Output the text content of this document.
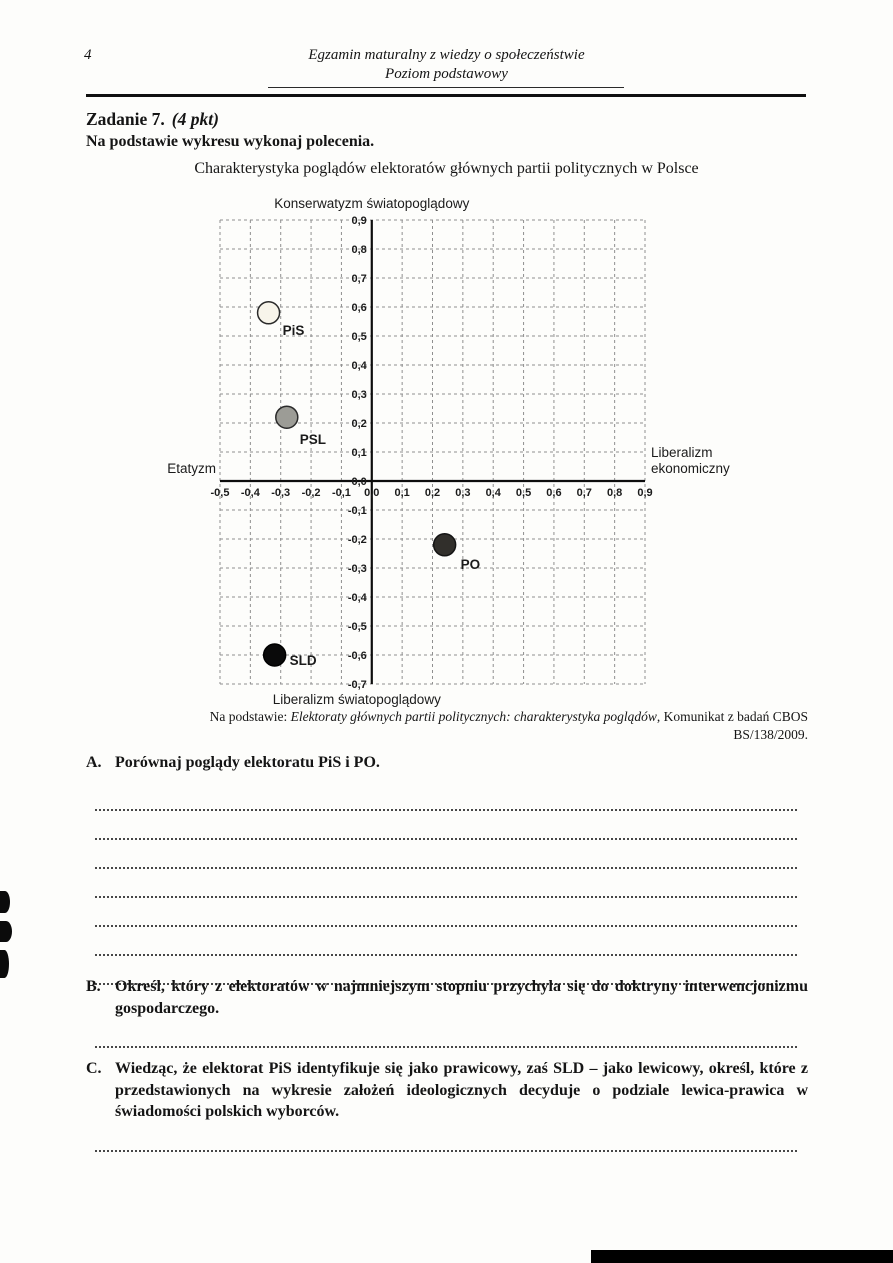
4	Egzamin maturalny z wiedzy o społeczeństwie
Poziom podstawowy
Zadanie 7. (4 pkt)
Na podstawie wykresu wykonaj polecenia.
Charakterystyka poglądów elektoratów głównych partii politycznych w Polsce
-0,7
-0,6
-0,5
-0,4
-0,3
-0,2
-0,1
0,0
0,1
0,2
0,3
0,4
0,5
0,6
0,7
0,8
0,9
-0,5 -0,4 -0,3 -0,2 -0,1 0,0 0,1 0,2 0,3 0,4 0,5 0,6 0,7 0,8 0,9
Konserwatyzm światopoglądowy
Liberalizm światopoglądowy
Etatyzm
Liberalizm
ekonomiczny
PiS
PSL
PO
SLD
Na podstawie: Elektoraty głównych partii politycznych: charakterystyka poglądów, Komunikat z badań CBOS
BS/138/2009.
A. Porównaj poglądy elektoratu PiS i PO.
B. Określ, który z elektoratów w najmniejszym stopniu przychyla się do doktryny interwencjonizmu gospodarczego.
C. Wiedząc, że elektorat PiS identyfikuje się jako prawicowy, zaś SLD – jako lewicowy, określ, które z przedstawionych na wykresie założeń ideologicznych decyduje o podziale lewica-prawica w świadomości polskich wyborców.
